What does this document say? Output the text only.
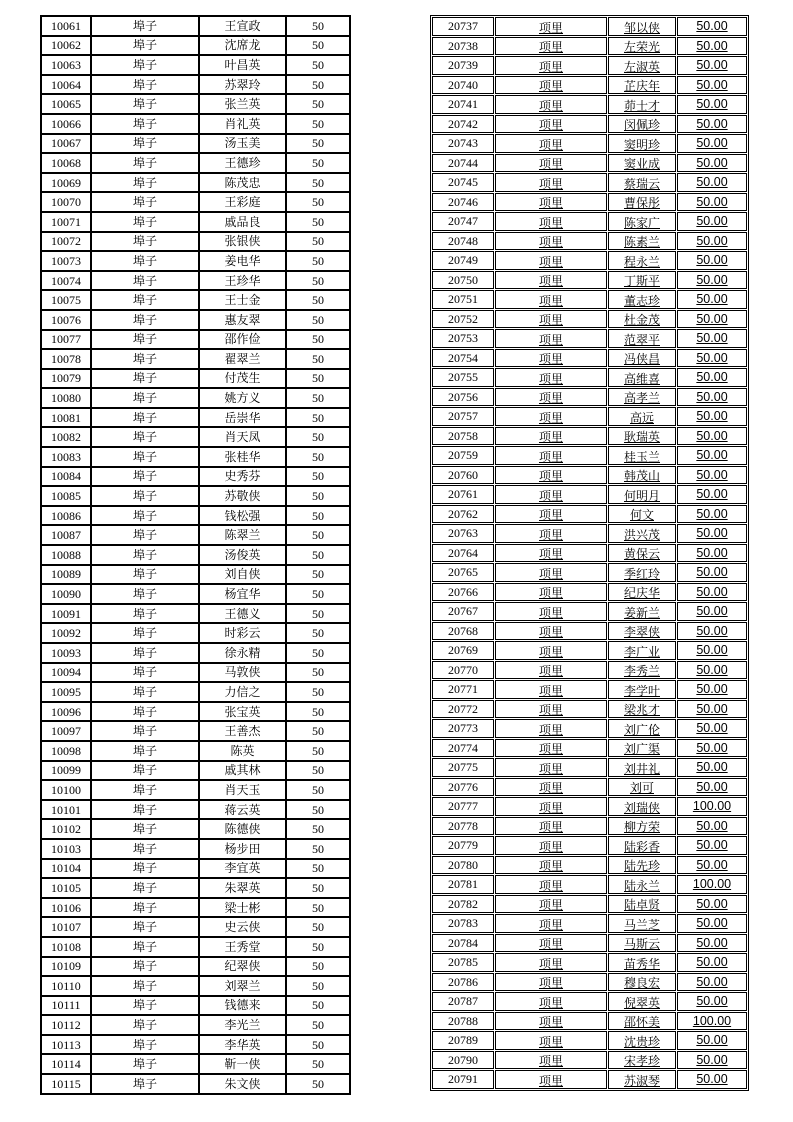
10061	埠子	王宣政	50
10062	埠子	沈席龙	50
10063	埠子	叶昌英	50
10064	埠子	苏翠玲	50
10065	埠子	张兰英	50
10066	埠子	肖礼英	50
10067	埠子	汤玉美	50
10068	埠子	王德珍	50
10069	埠子	陈茂忠	50
10070	埠子	王彩庭	50
10071	埠子	戚品良	50
10072	埠子	张银侠	50
10073	埠子	姜电华	50
10074	埠子	王珍华	50
10075	埠子	王士金	50
10076	埠子	惠友翠	50
10077	埠子	邵作俭	50
10078	埠子	翟翠兰	50
10079	埠子	付茂生	50
10080	埠子	姚方义	50
10081	埠子	岳崇华	50
10082	埠子	肖天凤	50
10083	埠子	张桂华	50
10084	埠子	史秀芬	50
10085	埠子	苏敬侠	50
10086	埠子	钱松强	50
10087	埠子	陈翠兰	50
10088	埠子	汤俊英	50
10089	埠子	刘自侠	50
10090	埠子	杨宜华	50
10091	埠子	王德义	50
10092	埠子	时彩云	50
10093	埠子	徐永精	50
10094	埠子	马敦侠	50
10095	埠子	力信之	50
10096	埠子	张宝英	50
10097	埠子	王善杰	50
10098	埠子	陈英	50
10099	埠子	戚其林	50
10100	埠子	肖天玉	50
10101	埠子	蒋云英	50
10102	埠子	陈德侠	50
10103	埠子	杨步田	50
10104	埠子	李宜英	50
10105	埠子	朱翠英	50
10106	埠子	梁士彬	50
10107	埠子	史云侠	50
10108	埠子	王秀堂	50
10109	埠子	纪翠侠	50
10110	埠子	刘翠兰	50
10111	埠子	钱德来	50
10112	埠子	李光兰	50
10113	埠子	李华英	50
10114	埠子	靳一侠	50
10115	埠子	朱文侠	50
20737	项里	邹以侠	50.00
20738	项里	左荣光	50.00
20739	项里	左淑英	50.00
20740	项里	芷庆年	50.00
20741	项里	茆士才	50.00
20742	项里	闵佩珍	50.00
20743	项里	窦明珍	50.00
20744	项里	窦业成	50.00
20745	项里	蔡瑞云	50.00
20746	项里	曹保彤	50.00
20747	项里	陈家广	50.00
20748	项里	陈素兰	50.00
20749	项里	程永兰	50.00
20750	项里	丁斯平	50.00
20751	项里	董志珍	50.00
20752	项里	杜金茂	50.00
20753	项里	范翠平	50.00
20754	项里	冯侠昌	50.00
20755	项里	高维喜	50.00
20756	项里	高孝兰	50.00
20757	项里	高远	50.00
20758	项里	耿瑞英	50.00
20759	项里	桂玉兰	50.00
20760	项里	韩茂山	50.00
20761	项里	何明月	50.00
20762	项里	何文	50.00
20763	项里	洪兴茂	50.00
20764	项里	黄保云	50.00
20765	项里	季红玲	50.00
20766	项里	纪庆华	50.00
20767	项里	姜新兰	50.00
20768	项里	李翠侠	50.00
20769	项里	李广业	50.00
20770	项里	李秀兰	50.00
20771	项里	李学叶	50.00
20772	项里	梁兆才	50.00
20773	项里	刘广伦	50.00
20774	项里	刘广渠	50.00
20775	项里	刘井礼	50.00
20776	项里	刘可	50.00
20777	项里	刘瑞侠	100.00
20778	项里	柳方荣	50.00
20779	项里	陆彩香	50.00
20780	项里	陆先珍	50.00
20781	项里	陆永兰	100.00
20782	项里	陆卓贤	50.00
20783	项里	马兰芝	50.00
20784	项里	马斯云	50.00
20785	项里	苗秀华	50.00
20786	项里	穆良宏	50.00
20787	项里	倪翠英	50.00
20788	项里	邵怀美	100.00
20789	项里	沈贵珍	50.00
20790	项里	宋孝珍	50.00
20791	项里	苏淑琴	50.00
